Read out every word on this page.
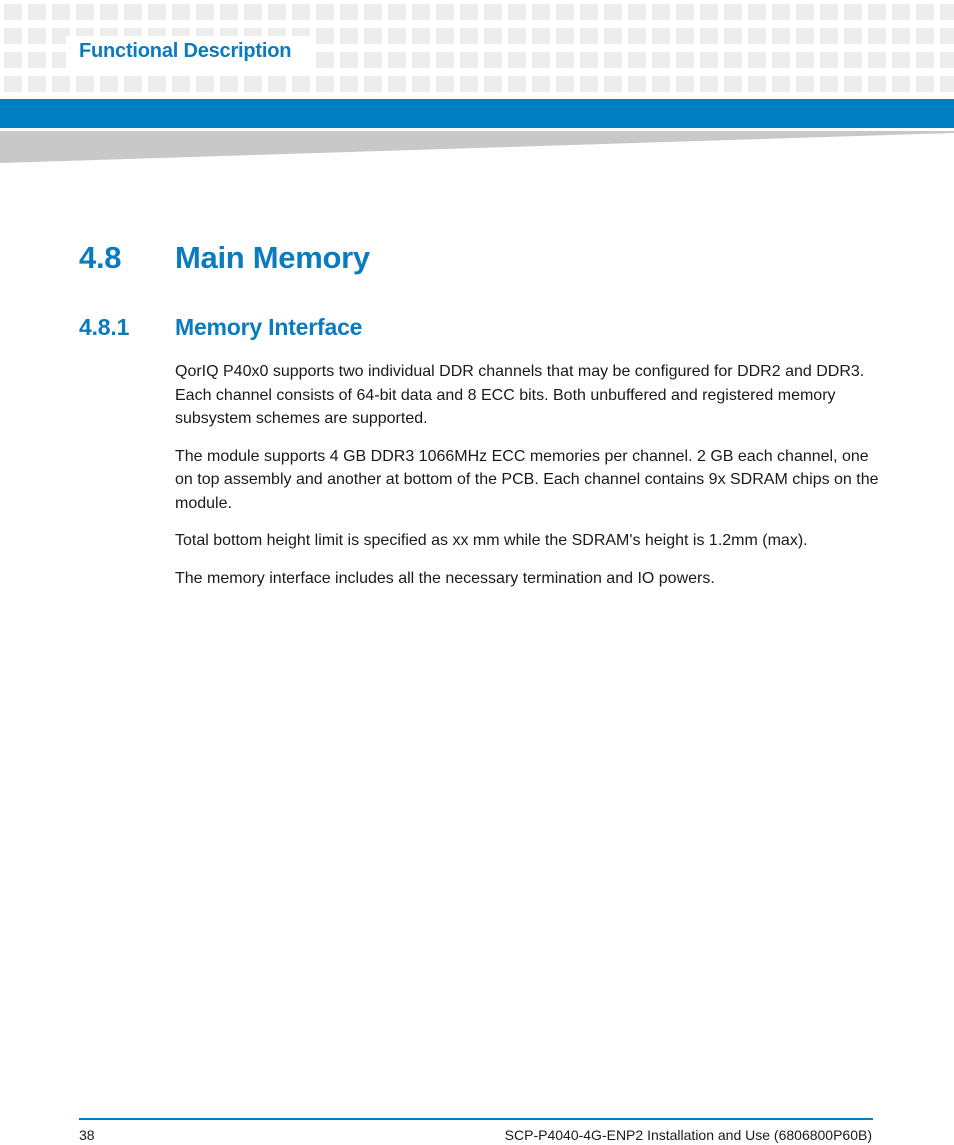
Functional Description
4.8 Main Memory
4.8.1 Memory Interface

QorIQ P40x0 supports two individual DDR channels that may be configured for DDR2 and DDR3. Each channel consists of 64-bit data and 8 ECC bits. Both unbuffered and registered memory subsystem schemes are supported.

The module supports 4 GB DDR3 1066MHz ECC memories per channel. 2 GB each channel, one on top assembly and another at bottom of the PCB. Each channel contains 9x SDRAM chips on the module.

Total bottom height limit is specified as xx mm while the SDRAM's height is 1.2mm (max).

The memory interface includes all the necessary termination and IO powers.

38	SCP-P4040-4G-ENP2 Installation and Use (6806800P60B)
